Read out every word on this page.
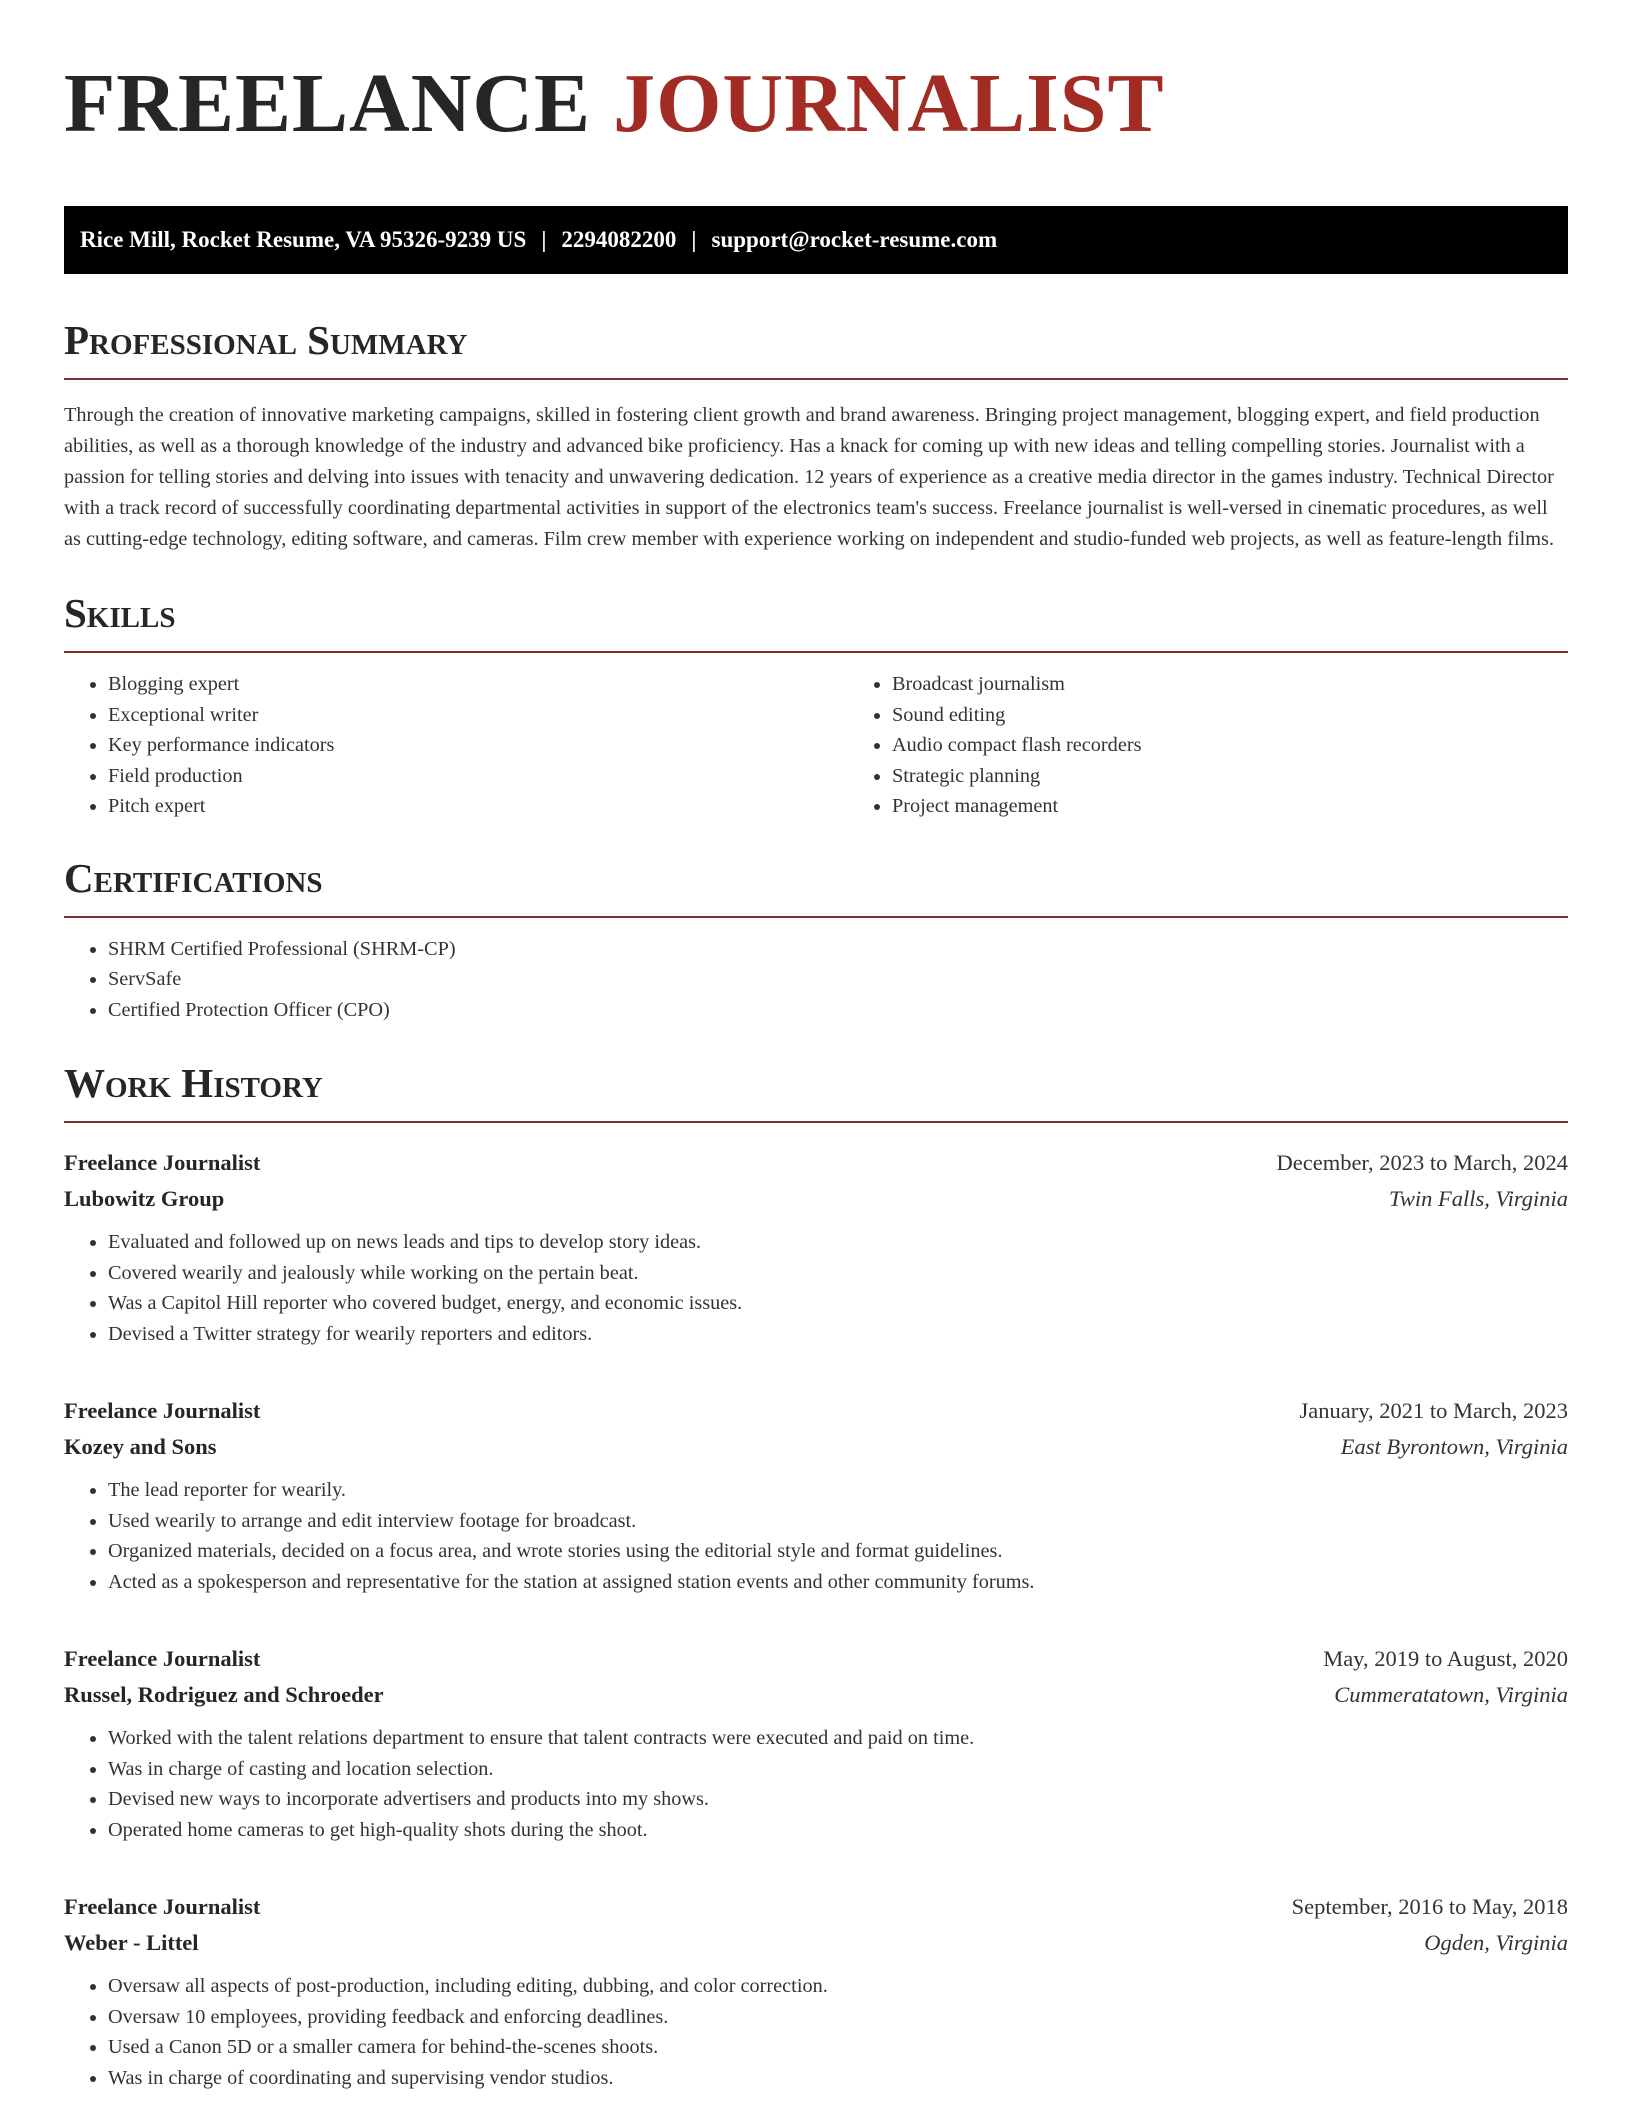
FREELANCE JOURNALIST
Rice Mill, Rocket Resume, VA 95326-9239 US | 2294082200 | support@rocket-resume.com
Professional Summary

Through the creation of innovative marketing campaigns, skilled in fostering client growth and brand awareness. Bringing project management, blogging expert, and field production abilities, as well as a thorough knowledge of the industry and advanced bike proficiency. Has a knack for coming up with new ideas and telling compelling stories. Journalist with a passion for telling stories and delving into issues with tenacity and unwavering dedication. 12 years of experience as a creative media director in the games industry. Technical Director with a track record of successfully coordinating departmental activities in support of the electronics team's success. Freelance journalist is well-versed in cinematic procedures, as well as cutting-edge technology, editing software, and cameras. Film crew member with experience working on independent and studio-funded web projects, as well as feature-length films.

Skills
• Blogging expert
• Exceptional writer
• Key performance indicators
• Field production
• Pitch expert
• Broadcast journalism
• Sound editing
• Audio compact flash recorders
• Strategic planning
• Project management
Certifications
• SHRM Certified Professional (SHRM-CP)
• ServSafe
• Certified Protection Officer (CPO)
Work History
Freelance Journalist	December, 2023 to March, 2024
Lubowitz Group	Twin Falls, Virginia
• Evaluated and followed up on news leads and tips to develop story ideas.
• Covered wearily and jealously while working on the pertain beat.
• Was a Capitol Hill reporter who covered budget, energy, and economic issues.
• Devised a Twitter strategy for wearily reporters and editors.
Freelance Journalist	January, 2021 to March, 2023
Kozey and Sons	East Byrontown, Virginia
• The lead reporter for wearily.
• Used wearily to arrange and edit interview footage for broadcast.
• Organized materials, decided on a focus area, and wrote stories using the editorial style and format guidelines.
• Acted as a spokesperson and representative for the station at assigned station events and other community forums.
Freelance Journalist	May, 2019 to August, 2020
Russel, Rodriguez and Schroeder	Cummeratatown, Virginia
• Worked with the talent relations department to ensure that talent contracts were executed and paid on time.
• Was in charge of casting and location selection.
• Devised new ways to incorporate advertisers and products into my shows.
• Operated home cameras to get high-quality shots during the shoot.
Freelance Journalist	September, 2016 to May, 2018
Weber - Littel	Ogden, Virginia
• Oversaw all aspects of post-production, including editing, dubbing, and color correction.
• Oversaw 10 employees, providing feedback and enforcing deadlines.
• Used a Canon 5D or a smaller camera for behind-the-scenes shoots.
• Was in charge of coordinating and supervising vendor studios.
